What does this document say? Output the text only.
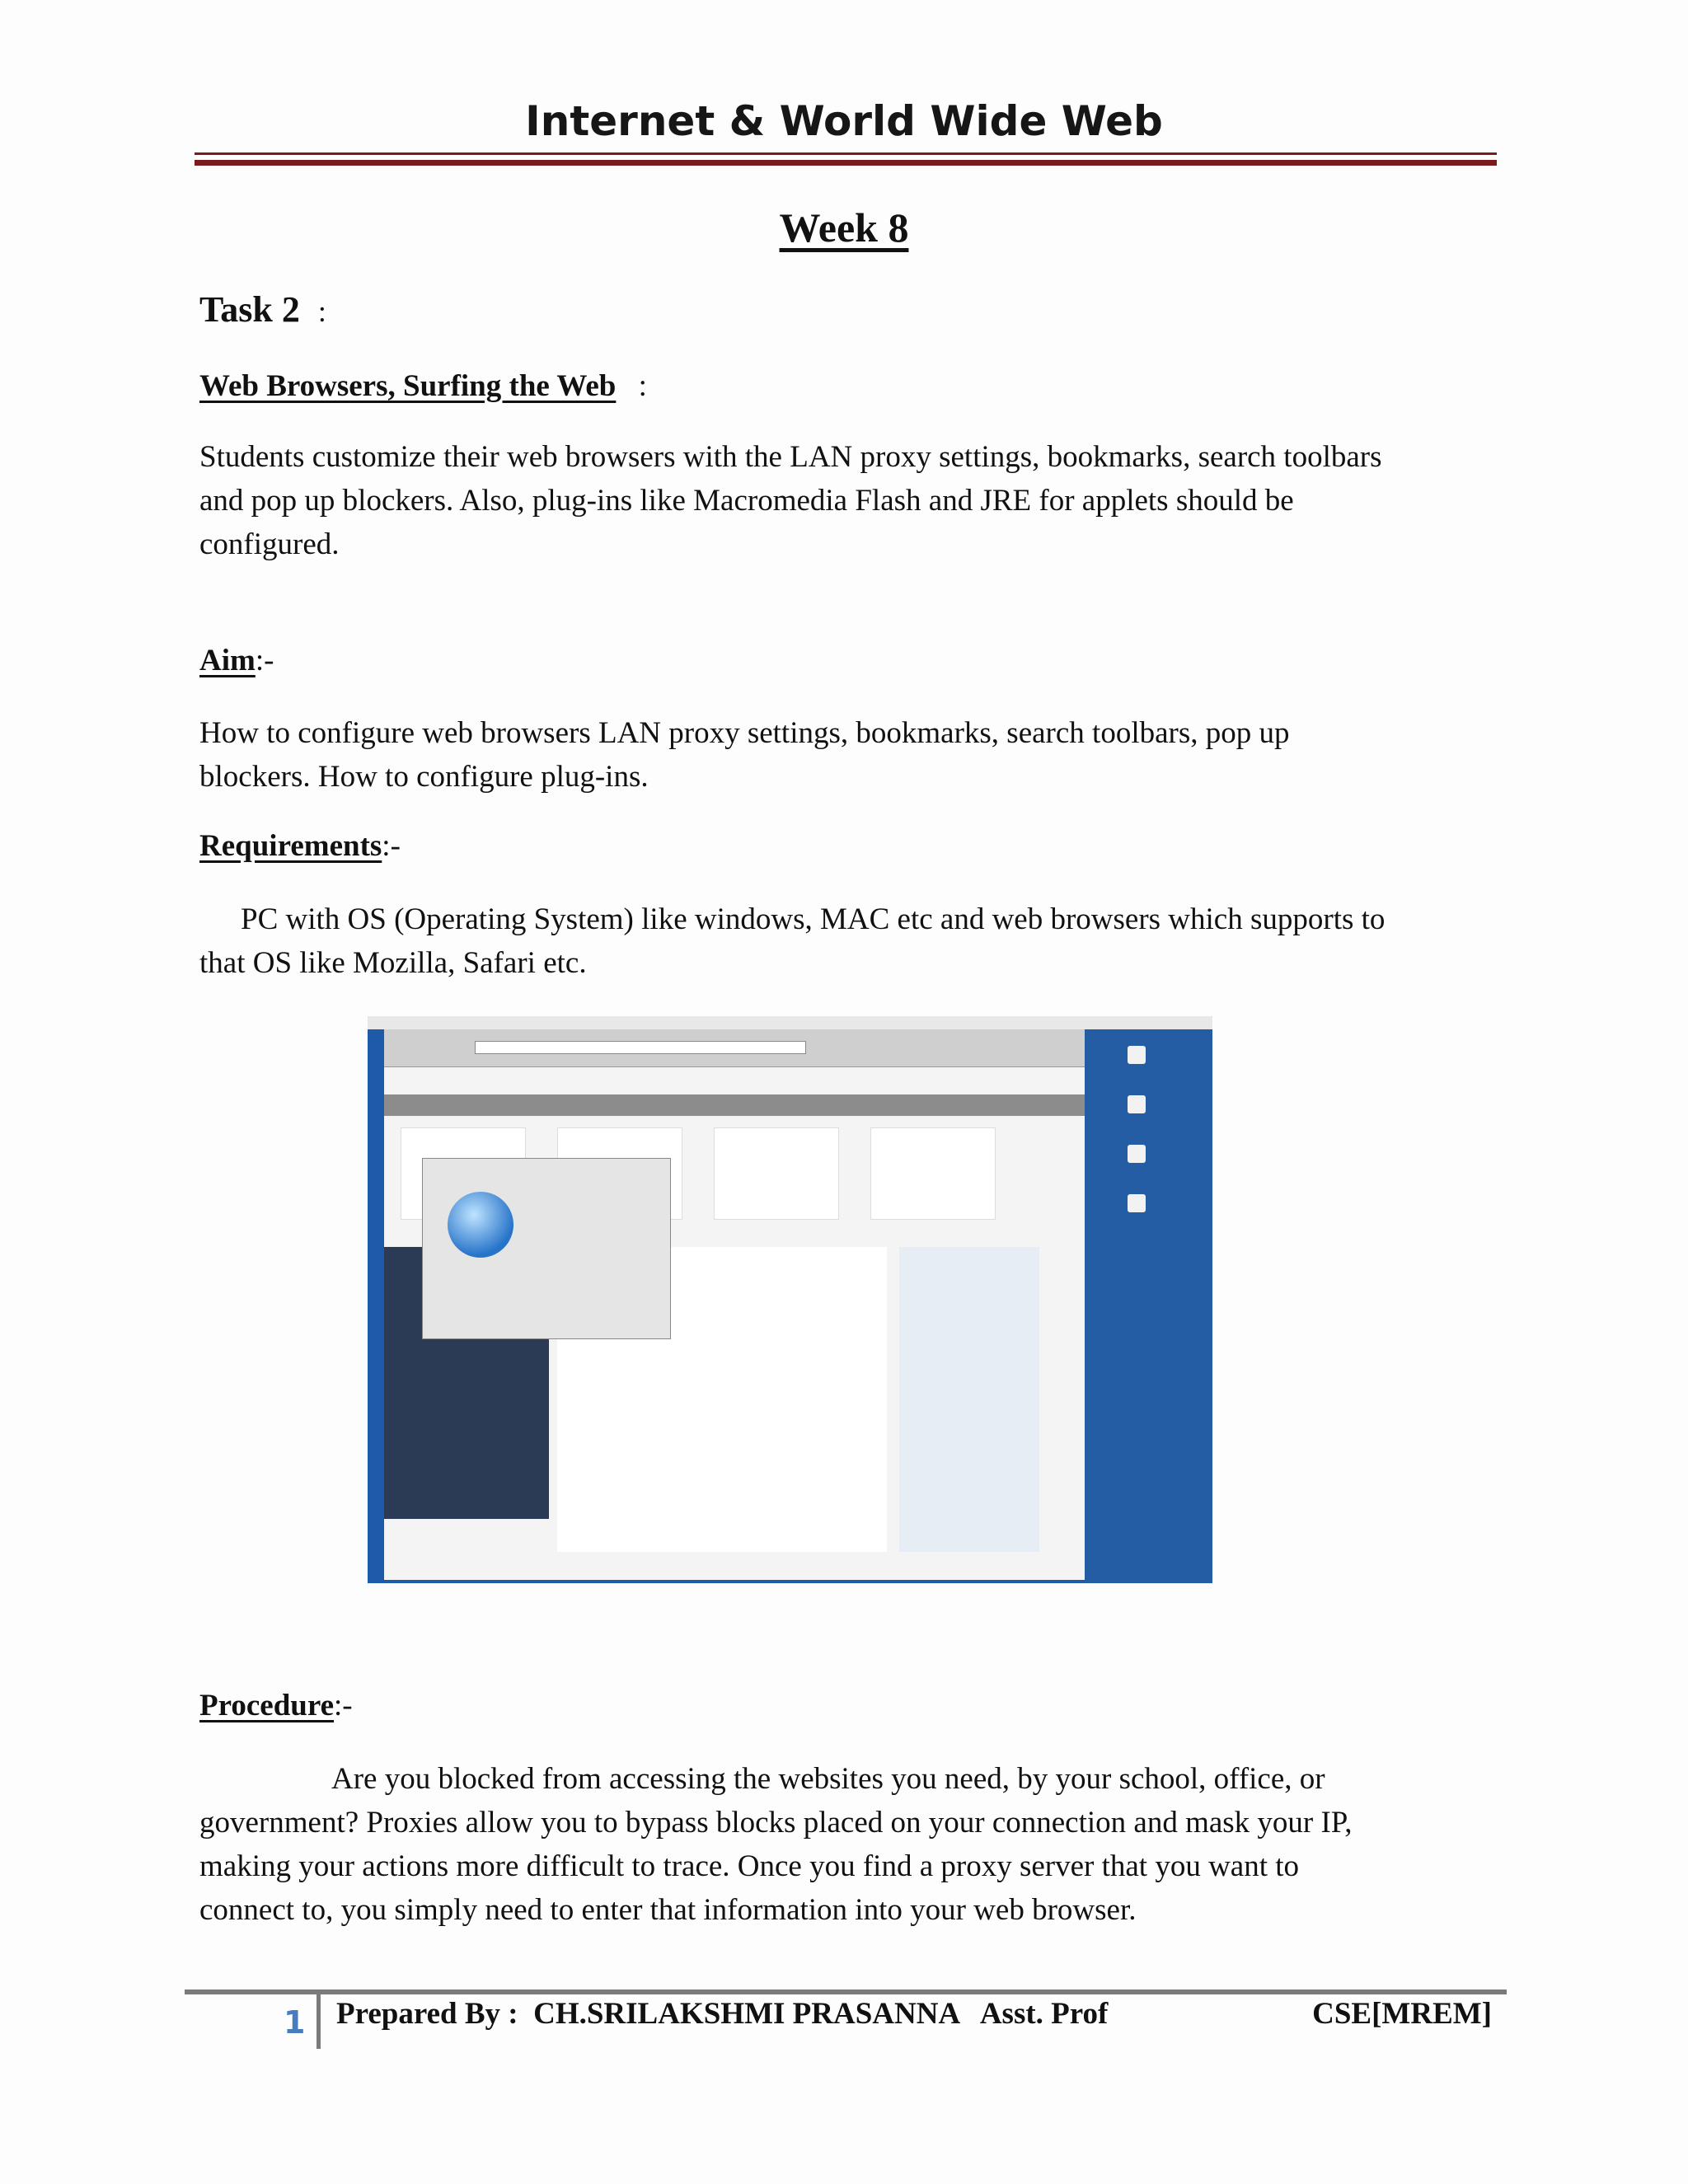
Internet & World Wide Web
Week 8
Task 2 :
Web Browsers, Surfing the Web :
Students customize their web browsers with the LAN proxy settings, bookmarks, search toolbars
and pop up blockers. Also, plug-ins like Macromedia Flash and JRE for applets should be
configured.
Aim:-
How to configure web browsers LAN proxy settings, bookmarks, search toolbars, pop up
blockers. How to configure plug-ins.
Requirements:-
PC with OS (Operating System) like windows, MAC etc and web browsers which supports to
that OS like Mozilla, Safari etc.
Procedure:-
Are you blocked from accessing the websites you need, by your school, office, or
government? Proxies allow you to bypass blocks placed on your connection and mask your IP,
making your actions more difficult to trace. Once you find a proxy server that you want to
connect to, you simply need to enter that information into your web browser.
1 Prepared By :  CH.SRILAKSHMI PRASANNA   Asst. Prof	CSE[MREM]
